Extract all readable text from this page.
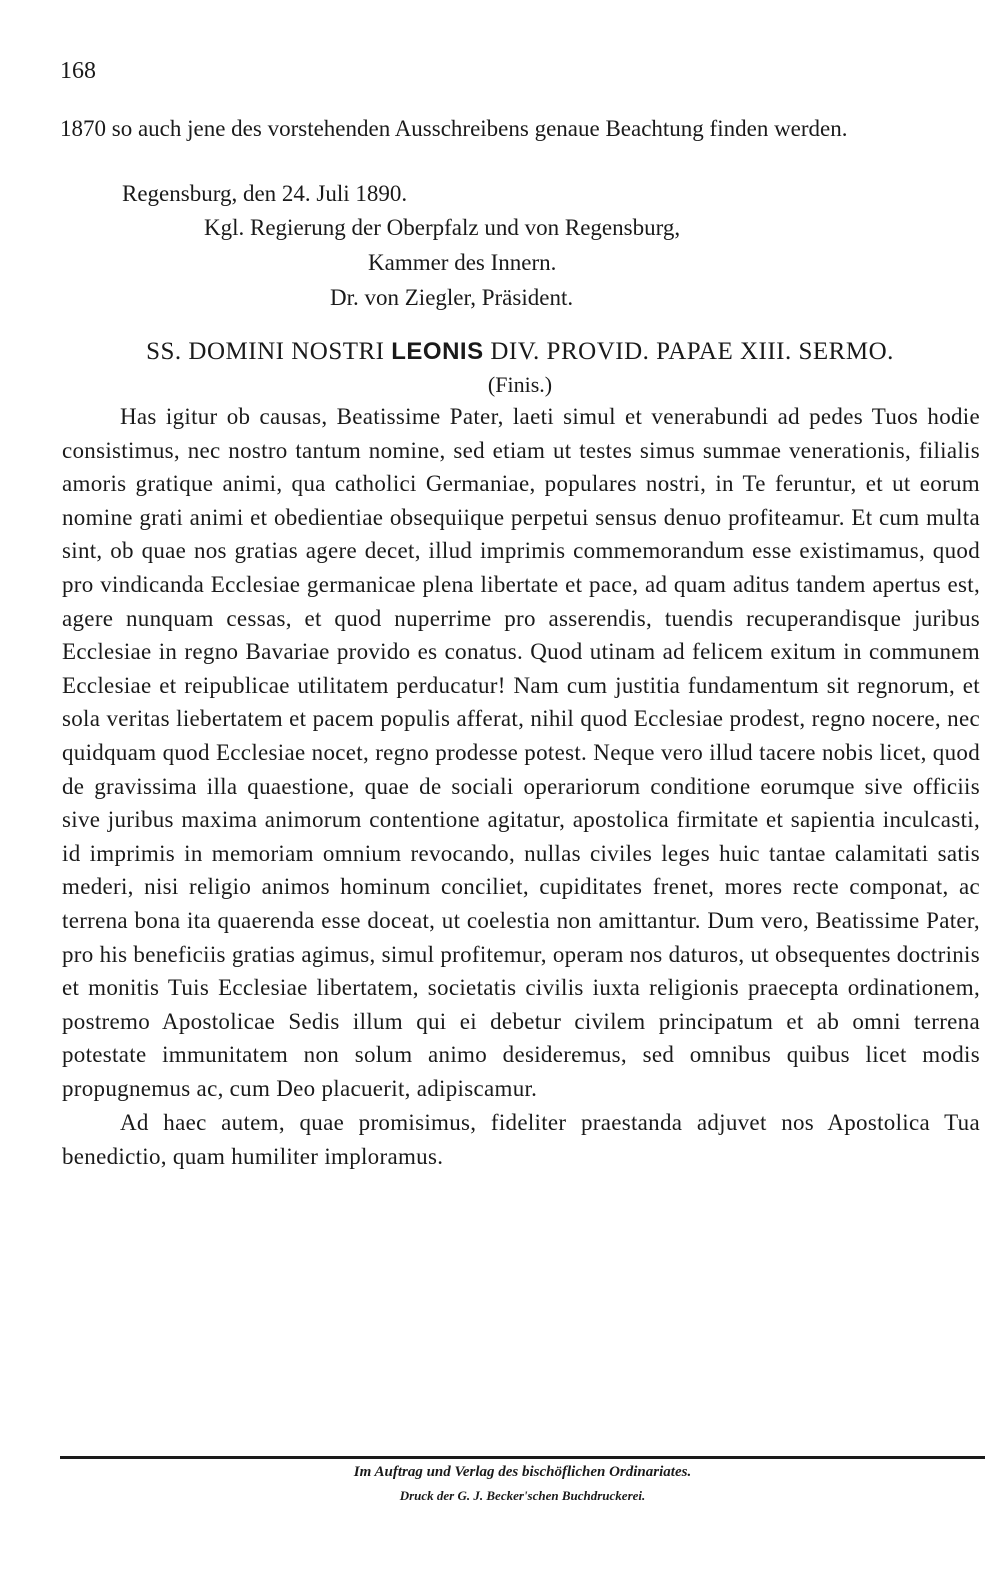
168
1870 so auch jene des vorstehenden Ausschreibens genaue Beachtung finden werden.
Regensburg, den 24. Juli 1890.
Kgl. Regierung der Oberpfalz und von Regensburg,
Kammer des Innern.
Dr. von Ziegler, Präsident.
SS. DOMINI NOSTRI LEONIS DIV. PROVID. PAPAE XIII. SERMO.
(Finis.)

Has igitur ob causas, Beatissime Pater, laeti simul et venerabundi ad pedes Tuos hodie consistimus, nec nostro tantum nomine, sed etiam ut testes simus summae venerationis, filialis amoris gratique animi, qua catholici Germaniae, populares nostri, in Te feruntur, et ut eorum nomine grati animi et obedientiae obsequiique perpetui sensus denuo profiteamur. Et cum multa sint, ob quae nos gratias agere decet, illud imprimis commemorandum esse existimamus, quod pro vindicanda Ecclesiae germanicae plena libertate et pace, ad quam aditus tandem apertus est, agere nunquam cessas, et quod nuperrime pro asserendis, tuendis recuperandisque juribus Ecclesiae in regno Bavariae provido es conatus. Quod utinam ad felicem exitum in communem Ecclesiae et reipublicae utilitatem perducatur! Nam cum justitia fundamentum sit regnorum, et sola veritas liebertatem et pacem populis afferat, nihil quod Ecclesiae prodest, regno nocere, nec quidquam quod Ecclesiae nocet, regno prodesse potest. Neque vero illud tacere nobis licet, quod de gravissima illa quaestione, quae de sociali operariorum conditione eorumque sive officiis sive juribus maxima animorum contentione agitatur, apostolica firmitate et sapientia inculcasti, id imprimis in memoriam omnium revocando, nullas civiles leges huic tantae calamitati satis mederi, nisi religio animos hominum conciliet, cupiditates frenet, mores recte componat, ac terrena bona ita quaerenda esse doceat, ut coelestia non amittantur. Dum vero, Beatissime Pater, pro his beneficiis gratias agimus, simul profitemur, operam nos daturos, ut obsequentes doctrinis et monitis Tuis Ecclesiae libertatem, societatis civilis iuxta religionis praecepta ordinationem, postremo Apostolicae Sedis illum qui ei debetur civilem principatum et ab omni terrena potestate immunitatem non solum animo desideremus, sed omnibus quibus licet modis propugnemus ac, cum Deo placuerit, adipiscamur.

Ad haec autem, quae promisimus, fideliter praestanda adjuvet nos Apostolica Tua benedictio, quam humiliter imploramus.

Im Auftrag und Verlag des bischöflichen Ordinariates.
Druck der G. J. Becker'schen Buchdruckerei.
